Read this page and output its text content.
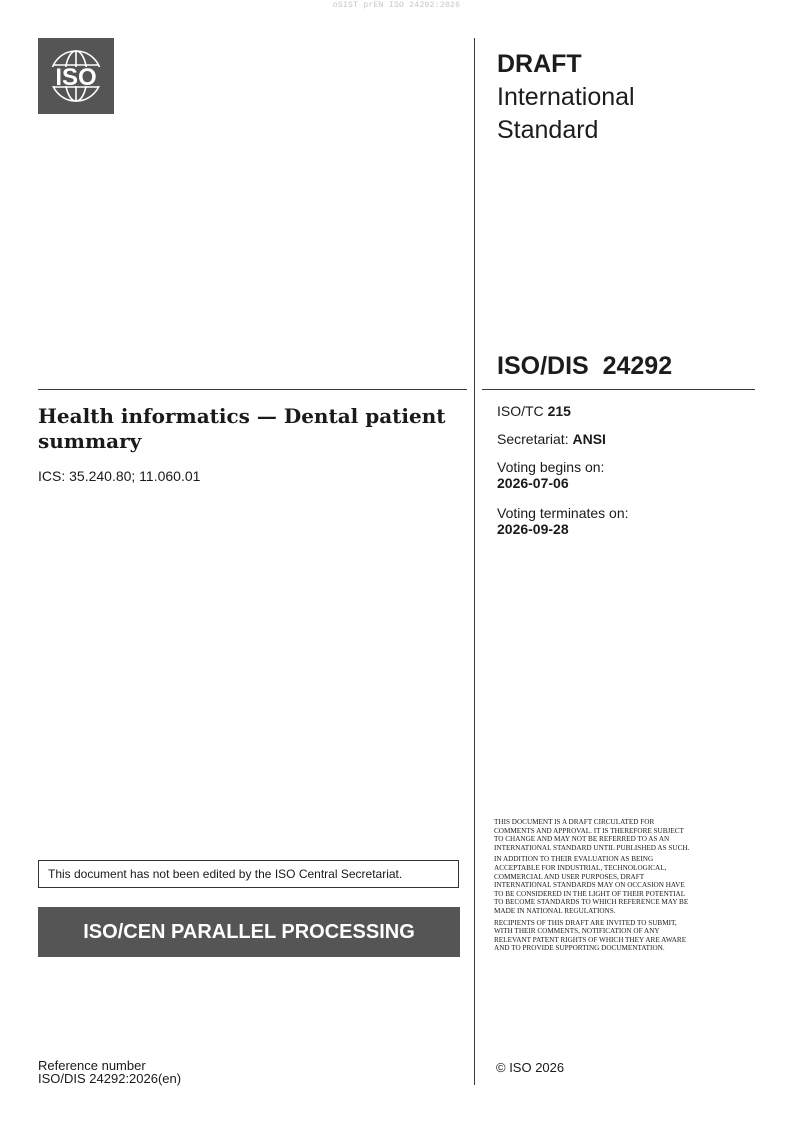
oSIST prEN ISO 24292:2026
ISO	DRAFT
International
Standard
ISO/DIS  24292
Health informatics — Dental patient summary
ICS: 35.240.80; 11.060.01
ISO/TC 215
Secretariat: ANSI
Voting begins on:
2026-07-06
Voting terminates on:
2026-09-28

THIS DOCUMENT IS A DRAFT CIRCULATED FOR COMMENTS AND APPROVAL. IT IS THEREFORE SUBJECT TO CHANGE AND MAY NOT BE REFERRED TO AS AN INTERNATIONAL STANDARD UNTIL PUBLISHED AS SUCH.

IN ADDITION TO THEIR EVALUATION AS BEING ACCEPTABLE FOR INDUSTRIAL, TECHNOLOGICAL, COMMERCIAL AND USER PURPOSES, DRAFT INTERNATIONAL STANDARDS MAY ON OCCASION HAVE TO BE CONSIDERED IN THE LIGHT OF THEIR POTENTIAL TO BECOME STANDARDS TO WHICH REFERENCE MAY BE MADE IN NATIONAL REGULATIONS.

RECIPIENTS OF THIS DRAFT ARE INVITED TO SUBMIT, WITH THEIR COMMENTS, NOTIFICATION OF ANY RELEVANT PATENT RIGHTS OF WHICH THEY ARE AWARE AND TO PROVIDE SUPPORTING DOCUMENTATION.

This document has not been edited by the ISO Central Secretariat.
ISO/CEN PARALLEL PROCESSING
Reference number
ISO/DIS 24292:2026(en)
© ISO 2026
